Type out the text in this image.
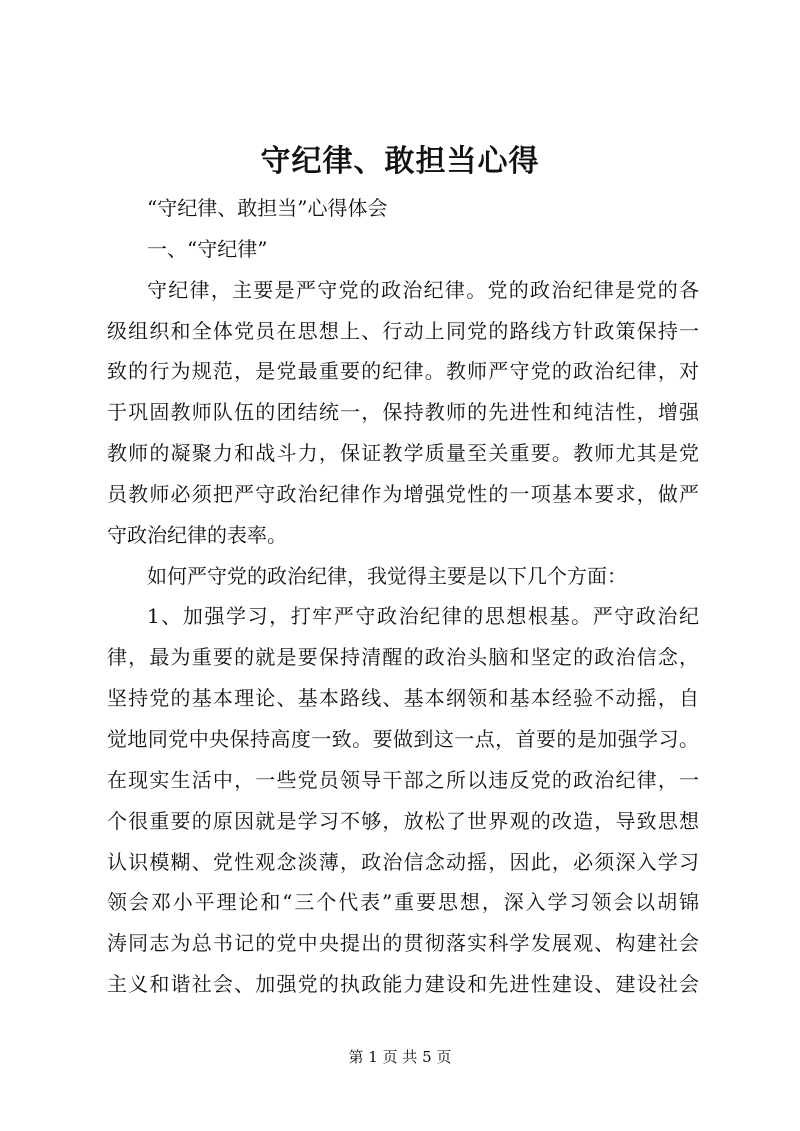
守纪律、敢担当心得
“守纪律、敢担当”心得体会
一、“守纪律”
守纪律，主要是严守党的政治纪律。党的政治纪律是党的各
级组织和全体党员在思想上、行动上同党的路线方针政策保持一
致的行为规范，是党最重要的纪律。教师严守党的政治纪律，对
于巩固教师队伍的团结统一，保持教师的先进性和纯洁性，增强
教师的凝聚力和战斗力，保证教学质量至关重要。教师尤其是党
员教师必须把严守政治纪律作为增强党性的一项基本要求，做严
守政治纪律的表率。
如何严守党的政治纪律，我觉得主要是以下几个方面：
1、加强学习，打牢严守政治纪律的思想根基。严守政治纪
律，最为重要的就是要保持清醒的政治头脑和坚定的政治信念，
坚持党的基本理论、基本路线、基本纲领和基本经验不动摇，自
觉地同党中央保持高度一致。要做到这一点，首要的是加强学习。
在现实生活中，一些党员领导干部之所以违反党的政治纪律，一
个很重要的原因就是学习不够，放松了世界观的改造，导致思想
认识模糊、党性观念淡薄，政治信念动摇，因此，必须深入学习
领会邓小平理论和“三个代表”重要思想，深入学习领会以胡锦
涛同志为总书记的党中央提出的贯彻落实科学发展观、构建社会
主义和谐社会、加强党的执政能力建设和先进性建设、建设社会
第 1 页 共 5 页
